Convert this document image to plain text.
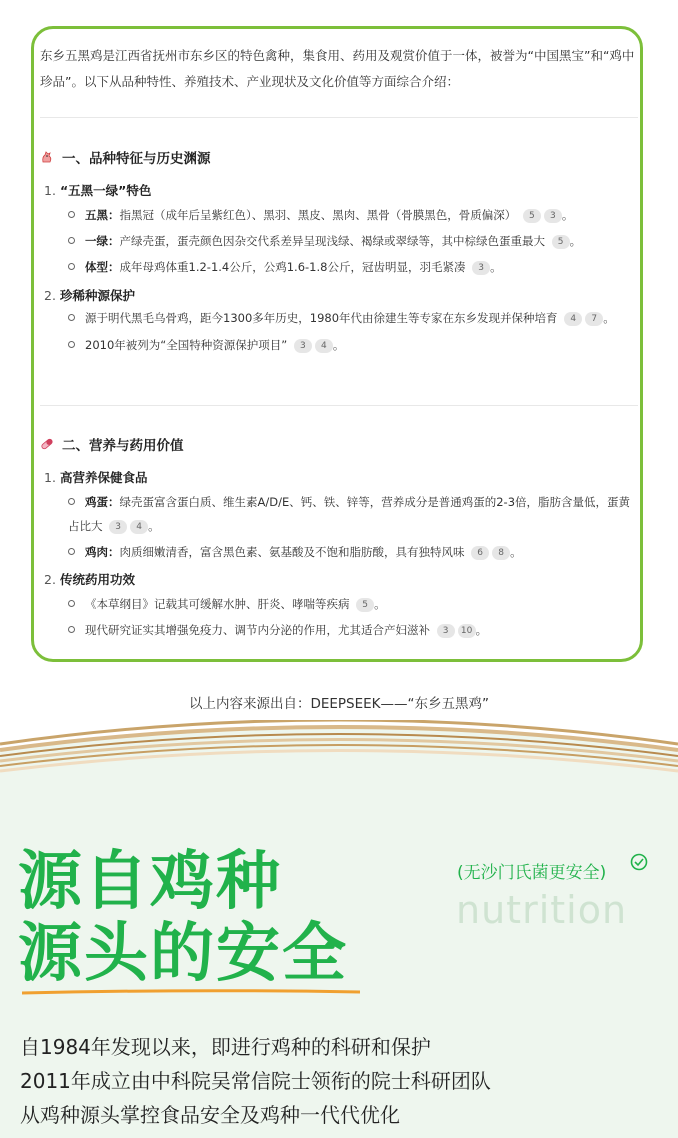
东乡五黑鸡是江西省抚州市东乡区的特色禽种，集食用、药用及观赏价值于一体，被誉为“中国黑宝”和“鸡中珍品”。以下从品种特性、养殖技术、产业现状及文化价值等方面综合介绍：
一、品种特征与历史渊源
1. “五黑一绿”特色
五黑：指黑冠（成年后呈紫红色）、黑羽、黑皮、黑肉、黑骨（骨膜黑色，骨质偏深） 5 3 。
一绿：产绿壳蛋，蛋壳颜色因杂交代系差异呈现浅绿、褐绿或翠绿等，其中棕绿色蛋重最大 5 。
体型：成年母鸡体重1.2-1.4公斤，公鸡1.6-1.8公斤，冠齿明显，羽毛紧凑 3 。
2. 珍稀种源保护
源于明代黑毛乌骨鸡，距今1300多年历史，1980年代由徐建生等专家在东乡发现并保种培育 4 7 。
2010年被列为“全国特种资源保护项目” 3 4 。
二、营养与药用价值
1. 高营养保健食品
鸡蛋：绿壳蛋富含蛋白质、维生素A/D/E、钙、铁、锌等，营养成分是普通鸡蛋的2-3倍，脂肪含量低，蛋黄占比大 3 4 。
鸡肉：肉质细嫩清香，富含黑色素、氨基酸及不饱和脂肪酸，具有独特风味 6 8 。
2. 传统药用功效
《本草纲目》记载其可缓解水肿、肝炎、哮喘等疾病 5 。
现代研究证实其增强免疫力、调节内分泌的作用，尤其适合产妇滋补 3 10 。
以上内容来源出自：DEEPSEEK——“东乡五黑鸡”
源自鸡种
源头的安全
(无沙门氏菌更安全)
nutrition
自1984年发现以来，即进行鸡种的科研和保护
2011年成立由中科院吴常信院士领衔的院士科研团队
从鸡种源头掌控食品安全及鸡种一代代优化
